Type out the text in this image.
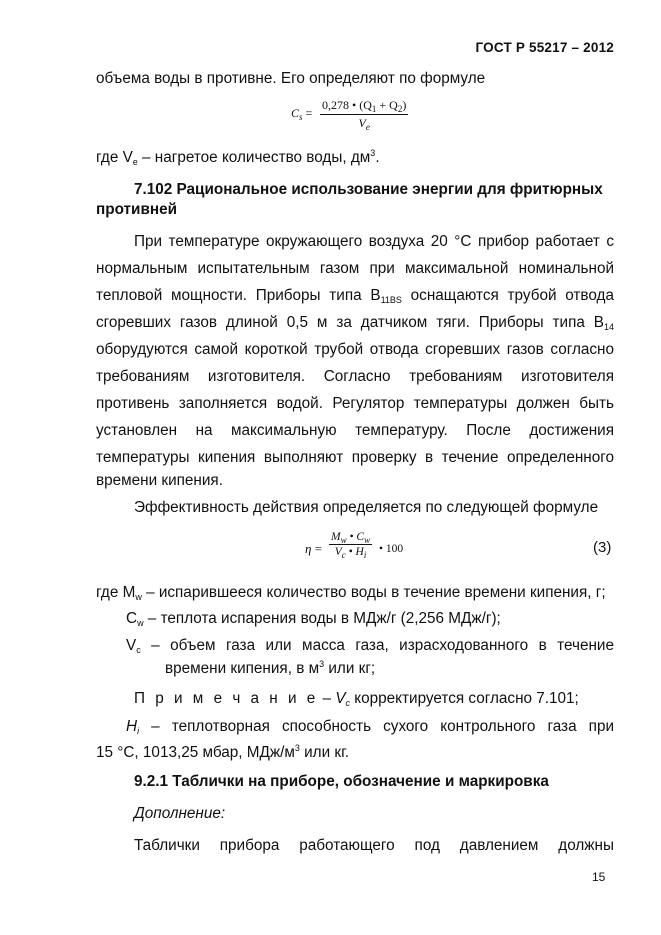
ГОСТ Р 55217 – 2012
объема воды в противне. Его определяют по формуле
$C_s = \frac{0,278 • (Q_1 + Q_2)}{V_e}$
где $V_e$ – нагретое количество воды, $дм^3$.
7.102 Рациональное использование энергии для фритюрных
противней
При температуре окружающего воздуха 20 °С прибор работает с
нормальным испытательным газом при максимальной номинальной
тепловой мощности. Приборы типа $B_{11BS}$ оснащаются трубой отвода
сгоревших газов длиной 0,5 м за датчиком тяги. Приборы типа $B_{14}$
оборудуются самой короткой трубой отвода сгоревших газов согласно
требованиям изготовителя. Согласно требованиям изготовителя
противень заполняется водой. Регулятор температуры должен быть
установлен на максимальную температуру. После достижения
температуры кипения выполняют проверку в течение определенного
времени кипения.
Эффективность действия определяется по следующей формуле
$\eta = \frac{M_w • C_w}{V_c • H_i}$ • 100	(3)
где $M_w$ – испарившееся количество воды в течение времени кипения, г;
$C_w$ – теплота испарения воды в МДж/г (2,256 МДж/г);
$V_c$ – объем газа или масса газа, израсходованного в течение
времени кипения, в $м^3$ или кг;
П р и м е ч а н и е – $V_c$ корректируется согласно 7.101;
$H_i$ – теплотворная способность сухого контрольного газа при
15 °С, 1013,25 мбар, МДж/$м^3$ или кг.
9.2.1 Таблички на приборе, обозначение и маркировка
Дополнение:
Таблички прибора работающего под давлением должны
15
